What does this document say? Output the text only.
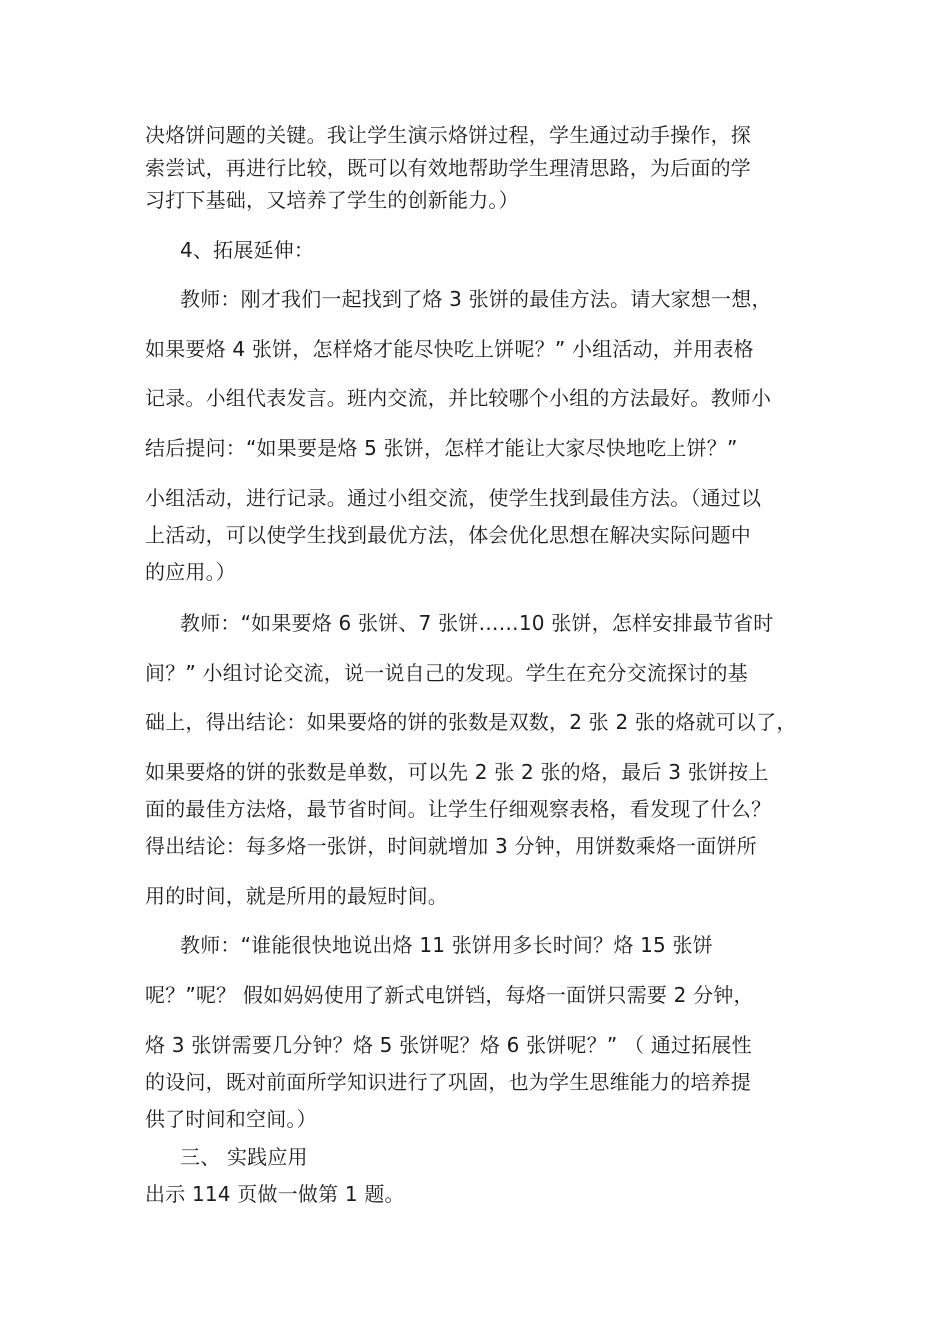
决烙饼问题的关键。我让学生演示烙饼过程，学生通过动手操作，探
索尝试，再进行比较，既可以有效地帮助学生理清思路，为后面的学
习打下基础，又培养了学生的创新能力。）
4、拓展延伸：
教师：刚才我们一起找到了烙 3 张饼的最佳方法。请大家想一想，
如果要烙 4 张饼，怎样烙才能尽快吃上饼呢？” 小组活动，并用表格
记录。小组代表发言。班内交流，并比较哪个小组的方法最好。教师小
结后提问：“如果要是烙 5 张饼，怎样才能让大家尽快地吃上饼？”
小组活动，进行记录。通过小组交流，使学生找到最佳方法。（通过以
上活动，可以使学生找到最优方法，体会优化思想在解决实际问题中
的应用。）
教师：“如果要烙 6 张饼、7 张饼……10 张饼，怎样安排最节省时
间？” 小组讨论交流，说一说自己的发现。学生在充分交流探讨的基
础上，得出结论：如果要烙的饼的张数是双数，2 张 2 张的烙就可以了，
如果要烙的饼的张数是单数，可以先 2 张 2 张的烙，最后 3 张饼按上
面的最佳方法烙，最节省时间。让学生仔细观察表格，看发现了什么？
得出结论：每多烙一张饼，时间就增加 3 分钟，用饼数乘烙一面饼所
用的时间，就是所用的最短时间。
教师：“谁能很快地说出烙 11 张饼用多长时间？烙 15 张饼
呢？”呢？ 假如妈妈使用了新式电饼铛，每烙一面饼只需要 2 分钟，
烙 3 张饼需要几分钟？烙 5 张饼呢？烙 6 张饼呢？” （ 通过拓展性
的设问，既对前面所学知识进行了巩固，也为学生思维能力的培养提
供了时间和空间。）
三、 实践应用
出示 114 页做一做第 1 题。
